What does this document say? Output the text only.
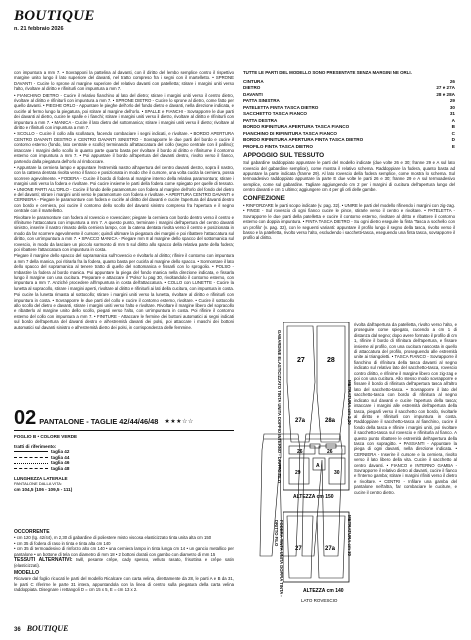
BOUTIQUE
n. 21 febbraio 2026

con impuntura a mm 7. • Sovrapponi la pattelina al davanti, con il diritto del lembo semplice contro il rispettivo margine unito lungo il lato superiore del davanti, nel tratto compreso fra i segni con il martelletto. • SPRONE DAVANTI - Cucire lo sprone al margine superiore del relativo davanti con patelletta; stirare i margini uniti verso l'alto, rivoltare al diritto e rifiniturli con impuntura a mm 7.

• FIANCHINO DIETRO - Cucire il relativo fianchino al lato del dietro; stirare i margini uniti verso il centro dietro, rivoltare al diritto e rifiniturli con impuntura a mm 7. • SPRONE DIETRO - Cucire lo sprone al dietro, come fatto per quello davanti. • PIEGHE ORLO - Appuntare le pieghe dell'orlo del fondo dietro e davanti, nella direzione indicata, e cucirle al fermo lungo la piegatura, poi stirare al margine dell'orlo. • SPALLE e FIANCHI - Sovrapporre le due parti dei davanti al dietro, cucire le spalle e i fianchi; stirare i margini uniti verso il dietro, rivoltare al diritto e rifiniturli con impuntura a mm 7. • MANICA - Cucire il lato dietro del sottomanica; stirare i margini uniti verso il dietro; rivoltare al diritto e rifiniturli con impuntura a mm 7.

• SCOLLO - Cucire il collo alla scollatura, facendo combaciare i segni indicati, e rivoltare. • BORDO APERTURA CENTRO DAVANTI DESTRO e CENTRO DAVANTI SINISTRO - Sovrapporre le due parti del bordo e cucire il contorno esterno (fondo, lato centrale e scollo) terminando all'attaccatura del collo (segno centrale con il pallino); intaccare i margini dello scollo in quanto parte quarto basta per rivoltare il bordo al diritto e rifiniturne il contorno esterno con impuntura a mm 7. • Poi appuntare il bordo all'apertura del davanti destro, rivolto verso il fianco, partendo dalla piegatura dell'orlo al rimboccare.

• Appuntare la cerniera lampo e appuntare l'estremità nastro all'apertura del centro davanti destro, sopra il nastro, con la cattena dentata rivolta verso il fianco e posizionata in modo che il cursore, una volta cucita la cerniera, possa scorrere agevolmente. • FODERA - Cucire il bordo di fodera al margine interno della relativa paramontura; stirare i margini uniti verso la fodera e rivoltare. Poi cucire insieme le parti della fodera come spiegato per quelle di tessuto. • UNIONE PARTI ALL'ORLO - Cucire il fondo delle paramonture con fodera al margine dell'orlo del fondo del dietro e del davanti; stirare i margini uniti verso le paramonture con fodera e rivoltare. • APERTURA CENTRO DAVANTI e CERNIERA - Piegare le paramonture con fodera e cucirle al diritto del davanti e cucire l'apertura del davanti destro con bordo e cerniera, poi cucire il contorno dello scollo del davanti sinistro compreso fra l'apertura e il segno centrale con il martelletto.

Rivoltare le paramonture con fodera al rovescio e rovesciare; piegare la cerniera con bordo dentro verso il centro e rifiniturne l'attaccatura con impuntura a mm 7. A questo punto, terminare i margini dell'apertura del centro davanti sinistro, inserire il nastro rimasto della cerniera lampo, con la catena dentata rivolta verso il centro e posizionata in modo da far scorrere agevolmente il cursore; quindi ultimare la piegatura dei margini e poi ribattere l'attaccatura sul diritto, con un'impuntura a mm 7. • SPACCO MANICA - Piegare mm 8 al margine dello spacco del sottomanica sul rovescio, in modo da lasciare un piccolo sormonto di mm 5 sul diritto allo spacco della relativa parte della fodera; poi ribattere l'attaccatura con impuntura in costa.

Piegare il margine dello spacco del sopramanica sull'rovescio e rivoltarlo al diritto; rifinire il contorno con impuntura a mm 7 della manica, poi ritirarla fra la fodera, quanto basta per cucirla al margine dello spacco. • Sormontare il lato dello spacco del sopramanica al tenere tratto di quello del sottomanica e fissarli con lo sprogolio. • POLSO - Imbastire la fodera al bordo manica. Poi appuntare la piega del fondo manica nella direzione indicata, e fissarla lungo il margine con una cucitura. Preparare e attaccare il 'Polso' lu pag 30, rivoltandolo il contorno esterno, con impuntura a mm 7. Anziché procedere all'impuntura in costa dell'attaccatura. • COLLO con LUNETTE - Cucire la lunetta al sopracollo, stirare i margini aperti, rivoltare al diritto e rifiniturli ai lati della cucitura, con impuntura in costa.

Poi cucire la lunetta rimasta al sottocollo; stirare i margini uniti verso la lunetta, rivoltare al diritto e rifiniturli con impuntura in costa. • Sovrapporre le due parti del collo e cucire il contorno esterno, rivoltare. • Cucire il sottocollo allo scollo del dietro e davanti, stirare i margini uniti verso l'alto e rivoltare. Rivoltare il margine libero del sopracollo e ribatterlo al margine unito dello scollo, piegati verso l'alto, con un'impuntura in costa. Poi rifinire il contorno esterno del collo con impuntura a mm 7. • FINITURE - Attaccare le fermine dei bottoni automatici ai segni indicati sul bordo dell'apertura del davanti destro e all'estremità davanti dei polsi, poi attaccare i maschi dei bottoni automatici sul davanti sinistro e all'estremità dietro dei polsi, in corrispondenza delle femmine.

TUTTE LE PARTI DEL MODELLO SONO PRESENTATE SENZA MARGINI NE ORLI.
CINTURA	26
DIETRO	27 e 27A
DAVANTI	28 e 28A
PATTA SINISTRA	29
PATELETTA FINTA TASCA DIETRO	30
SACCHETTO TASCA FIANCO	31
PATTA DESTRA	A
BORDO RIFINITURA APERTURA TASCA FIANCO	B
FIANCHINO DI RIFINITURA TASCA FIANCO	C
BORDO RIFINITURA APERTURA FINTA TASCA DIETRO	D
PROFILO FINTA TASCA DIETRO	E
APPOGGIO SUL TESSUTO

Sul gabardine raddoppiato appuntare le parti del modello indicate (due volte 26 e 30; franne 29 e A sul lato rovescio del gabardine semplice), come mostra il relativo schema. Raddoppiare la fodera, quanto basta ad appuntare la parte indicata (franne 29). Al lato rovescio della fodera semplice, come mostra lo schema. Sul termoadesivo raddoppiato appuntare la parte E due volte le parti 26 e 30; franne 29 e A sul termoadesivo semplice, come sul gabardine. Tagliare aggiungendo cm 2 per i margini di cucitura dell'apertura lungo del centro davanti e cm 1 ultimo; aggiungere cm 4 per gli orli delle gambe.

CONFEZIONE

• RINFORZARE le parti scopo indicate (v. pag. 32). • UNIRE le parti del modello rifinendo i margini con zig-zag. • FINGE - Sul rovescio di ogni fianco cucire le pince, stirarle verso il centro e rivoltare. • PATELETTA - Sovrapporre le due parti della patelletta e cucire il contorno esterno, rivoltare al dritto e ribattere il contorno esterno con doppia impuntura. • FINTA TASCA DIETRO - Su ogni dietro eseguire la finta 'Tasca a sochello con un profilo' (v. pag. 32), con le seguenti varianti: appuntare il profilo lungo il segno della tasca, rivolto verso il basso e la patelletta, rivolto verso l'alto, escludendo i sacchetti-tasca, eseguendo una finta tasca, sovrapporre il profilo al diritto.

27	28
27a	28a
26	26
29
A
30
ALTEZZA cm 150
27	27a
ALTEZZA cm 140
LATO ROVESCIO
GABARDINE ELASTICIZZATO TINTA UNITA DOPPIO INTERNO - DRITTO FILO	METRATURA cm 2,20
FODERA TINTA UNITA DOPPIA TINTA - DRITTO FILO	METRATURA cm 30

rivolta dall'apertura da patelletta, rivolto verso l'alto, e proseguire come spiegato, cucendo a cm 1 di distanza dal segno; dopo avere formato il profilo di cm 1, rifinire il bordo di rifinitura dell'apertura, e fissare insieme al profilo, con una cucitura nascosta in quello di attaccatura del profilo, proseguendo alle estremità unite ai triangoletti. • TASCA FIANCO - Sovrapporre il fianchino di rifinitura della tasca davanti al segno indicato sul relativo lato del sacchetto-tasca, rovescio contro diritto, e rifinirne il margine libero con zig-zag e poi con una cucitura. Allo stesso modo sovrapporre e fissare il bordo di rifinitura dell'apertura tasca all'altro lato del sacchetto-tasca. • Sovrapporre il lato del sacchetto-tasca con bordo di rifinitura al segno indicato sul davanti e cucire l'apertura della tasca; intaccare i margini alle estremità dell'apertura della tasca, piegarli verso il sacchetto con bordo, rivoltarle al diritto e rifiniturli con impuntura in costa. Raddoppiare il sacchetto-tasca al fianchino, cucire il fondo della tasca e rifinire i margini uniti, poi rivoltare il sacchetto-tasca sul rovescio e rifiniturla al fianco. A questo punto ribattere le estremità dell'apertura della tasca con sopragitto. • PASSANTI - Appuntare la piega di ogni davanti, nella direzione indicata. • CERNIERA - Inserire il cursore e la cerniera, rivolto verso il lato libero della vita. Cucire il sacchetto al centro davanti. • FIANCO e INTERNO GAMBA - Sovrapporre il relativo dietro al davanti, cucire il fianco e l'interno gamba; stirare i margini rifiniti verso il dietro e rivoltare. • CENTRI - Infilare una gamba del pantalone nell'altra, far combaciare le cuciture, e cucire il centro dietro.

02 PANTALONE - TAGLIE 42/44/46/48 ★★★☆☆
FOGLIO B • COLORE VERDE
tratti di riferimento:
taglia 42
taglia 44
taglia 46
taglia 48
LUNGHEZZA LATERALE
PANTALONE DALLA VITA:
cm 104,5 (106 - 109,5 - 111)
OCCORRENTE

• cm 120 (tg. 42/44), m 2,30 di gabardine di poliestere misto viscosa elasticizzato tinta unita alta cm 150

• cm 35 di fodera di raso in tinta e tinta alta cm 140

• cm 35 di termoadesivo di rinforzo alto cm 140 • una cerniera lampo in tinta lunga cm 14 • un gancio metallico per pantalone • un bottone di tela con diametro di mm 18 • 2 bottoni doratii con gambo con diametro di mm 15

TESSUTI ALTERNATIVI: twill, pesante crêpe, cady spesso, velluto rasato, frisottina e crêpe satin (elasticizzati).

MODELLO

Ricavare dal foglio ricucati le parti del modello Ricalcare con carta velina, direttamente da 28, le parti A e B da 31, le parti C riferirne le parte 31 intera, appuntandola con la linea di centro sulla piegatura della carta velina raddoppiata. Disegnare i rettangoli D = cm 15 x 5, E = cm 13 x 2.

36 BOUTIQUE
